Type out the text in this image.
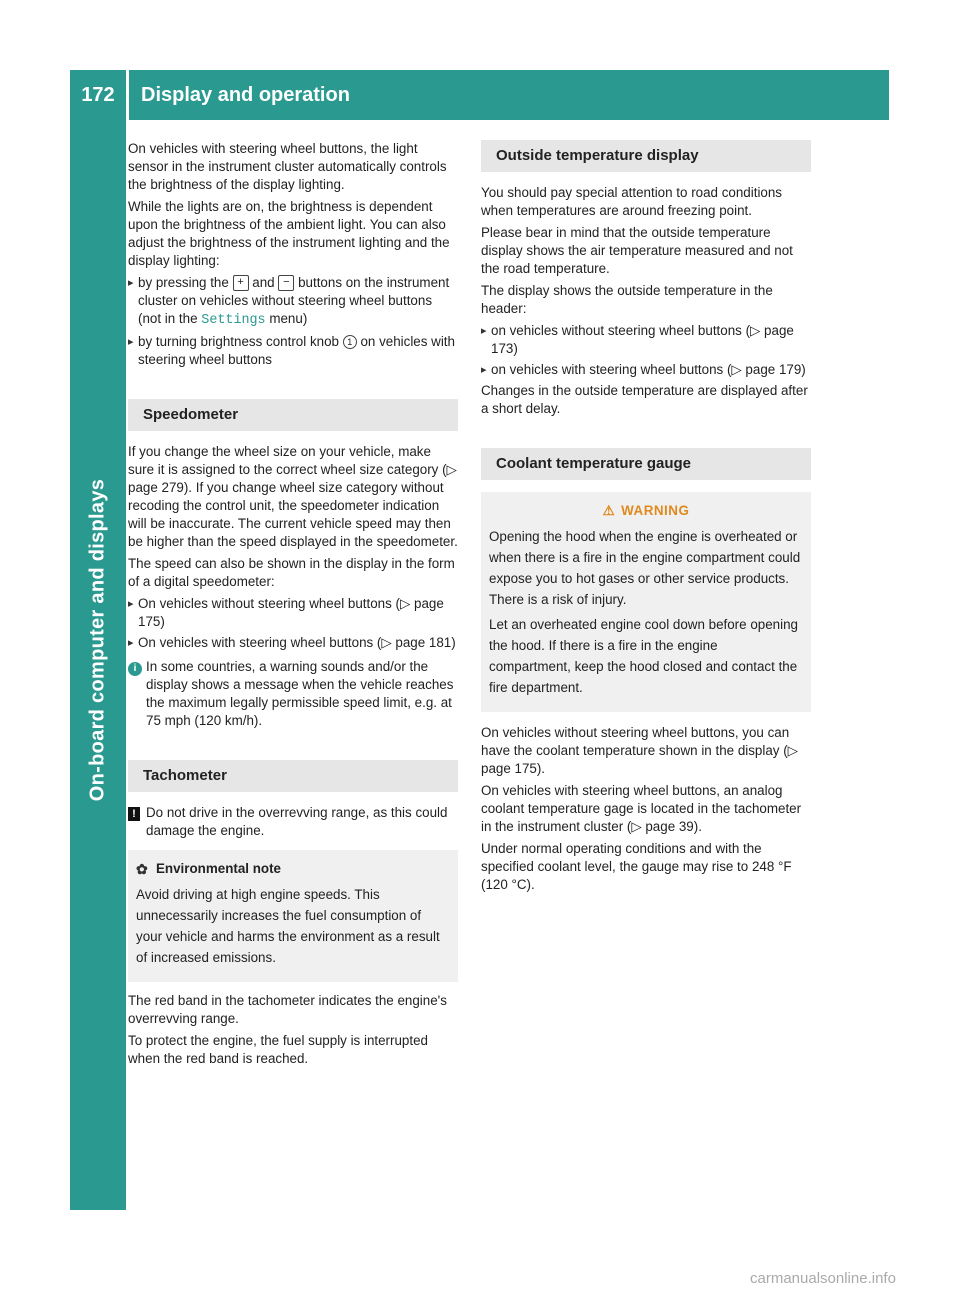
On-board computer and displays
172	Display and operation

On vehicles with steering wheel buttons, the light sensor in the instrument cluster automatically controls the brightness of the display lighting.

While the lights are on, the brightness is dependent upon the brightness of the ambient light. You can also adjust the brightness of the instrument lighting and the display lighting:

▸ by pressing the + and − buttons on the instrument cluster on vehicles without steering wheel buttons (not in the Settings menu)
▸ by turning brightness control knob 1 on vehicles with steering wheel buttons
Speedometer

If you change the wheel size on your vehicle, make sure it is assigned to the correct wheel size category (▷ page 279). If you change wheel size category without recoding the control unit, the speedometer indication will be inaccurate. The current vehicle speed may then be higher than the speed displayed in the speedometer.

The speed can also be shown in the display in the form of a digital speedometer:

▸ On vehicles without steering wheel buttons (▷ page 175)
▸ On vehicles with steering wheel buttons (▷ page 181)
i In some countries, a warning sounds and/or the display shows a message when the vehicle reaches the maximum legally permissible speed limit, e.g. at 75 mph (120 km/h).
Tachometer
! Do not drive in the overrevving range, as this could damage the engine.
✿ Environmental note

Avoid driving at high engine speeds. This unnecessarily increases the fuel consumption of your vehicle and harms the environment as a result of increased emissions.

The red band in the tachometer indicates the engine's overrevving range.

To protect the engine, the fuel supply is interrupted when the red band is reached.

Outside temperature display

You should pay special attention to road conditions when temperatures are around freezing point.

Please bear in mind that the outside temperature display shows the air temperature measured and not the road temperature.

The display shows the outside temperature in the header:

▸ on vehicles without steering wheel buttons (▷ page 173)
▸ on vehicles with steering wheel buttons (▷ page 179)

Changes in the outside temperature are displayed after a short delay.

Coolant temperature gauge
⚠ WARNING

Opening the hood when the engine is overheated or when there is a fire in the engine compartment could expose you to hot gases or other service products. There is a risk of injury.

Let an overheated engine cool down before opening the hood. If there is a fire in the engine compartment, keep the hood closed and contact the fire department.

On vehicles without steering wheel buttons, you can have the coolant temperature shown in the display (▷ page 175).

On vehicles with steering wheel buttons, an analog coolant temperature gage is located in the tachometer in the instrument cluster (▷ page 39).

Under normal operating conditions and with the specified coolant level, the gauge may rise to 248 °F (120 °C).

carmanualsonline.info
